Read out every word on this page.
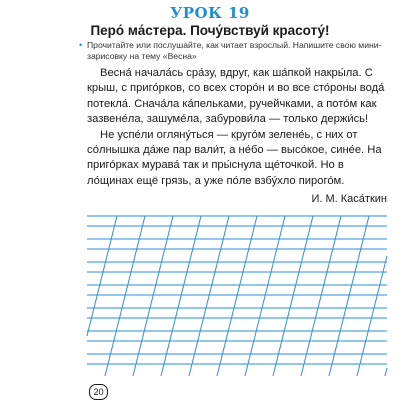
УРОК 19
Перо́ ма́стера. Почу́вствуй красоту́!
• Прочитайте или послушайте, как читает взрослый. Напишите свою мини-зарисовку на тему «Весна»

Весна́ начала́сь сра́зу, вдруг, как ша́пкой накры́ла. С крыш, с приго́рков, со всех сторо́н и во все сто́роны вода́ потекла́. Снача́ла ка́пельками, ручейчками, а пото́м как зазвене́ла, зашуме́ла, забурови́ла — только держи́сь!

Не успе́ли огляну́ться — круго́м зелене́ь, с них от со́лнышка да́же пар вали́т, а не́бо — высо́кое, сине́е. На приго́рках мурава́ так и пры́снула ще́точкой. Но в ло́щинах ещё грязь, а уже по́ле взбу́хло пирого́м.

И. М. Каса́ткин
20
